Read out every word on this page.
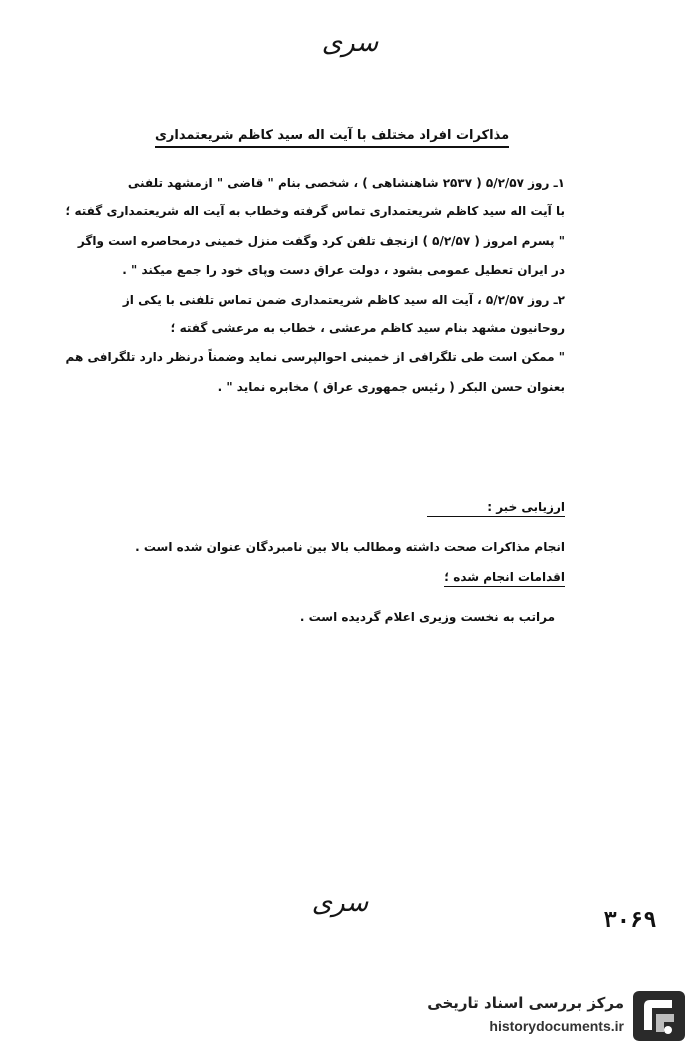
سری
مذاکرات افراد مختلف با آیت اله سید کاظم شریعتمداری
۱ـ روز ۵/۲/۵۷ ( ۲۵۳۷ شاهنشاهی ) ، شخصی بنام " قاضی " ازمشهد تلفنی
با آیت اله سید کاظم شریعتمداری تماس گرفته وخطاب به آیت اله شریعتمداری گفته ؛
" پسرم امروز ( ۵/۲/۵۷ ) ازنجف تلفن کرد وگفت منزل خمینی درمحاصره است واگر
در ایران تعطیل عمومی بشود ، دولت عراق دست وپای خود را جمع میکند " .
۲ـ روز ۵/۲/۵۷ ، آیت اله سید کاظم شریعتمداری ضمن تماس تلفنی با یکی از
روحانیون مشهد بنام سید کاظم مرعشی ، خطاب به مرعشی گفته ؛
" ممکن است طی تلگرافی از خمینی احوالپرسی نماید وضمناً درنظر دارد تلگرافی هم
بعنوان حسن البکر ( رئیس جمهوری عراق ) مخابره نماید " .
ارزیابی خبر :
انجام مذاکرات صحت داشته ومطالب بالا بین نامبردگان عنوان شده است .
اقدامات انجام شده ؛
مراتب به نخست وزیری اعلام گردیده است .
سری
۳۰۶۹
مرکز بررسی اسناد تاریخی
historydocuments.ir
